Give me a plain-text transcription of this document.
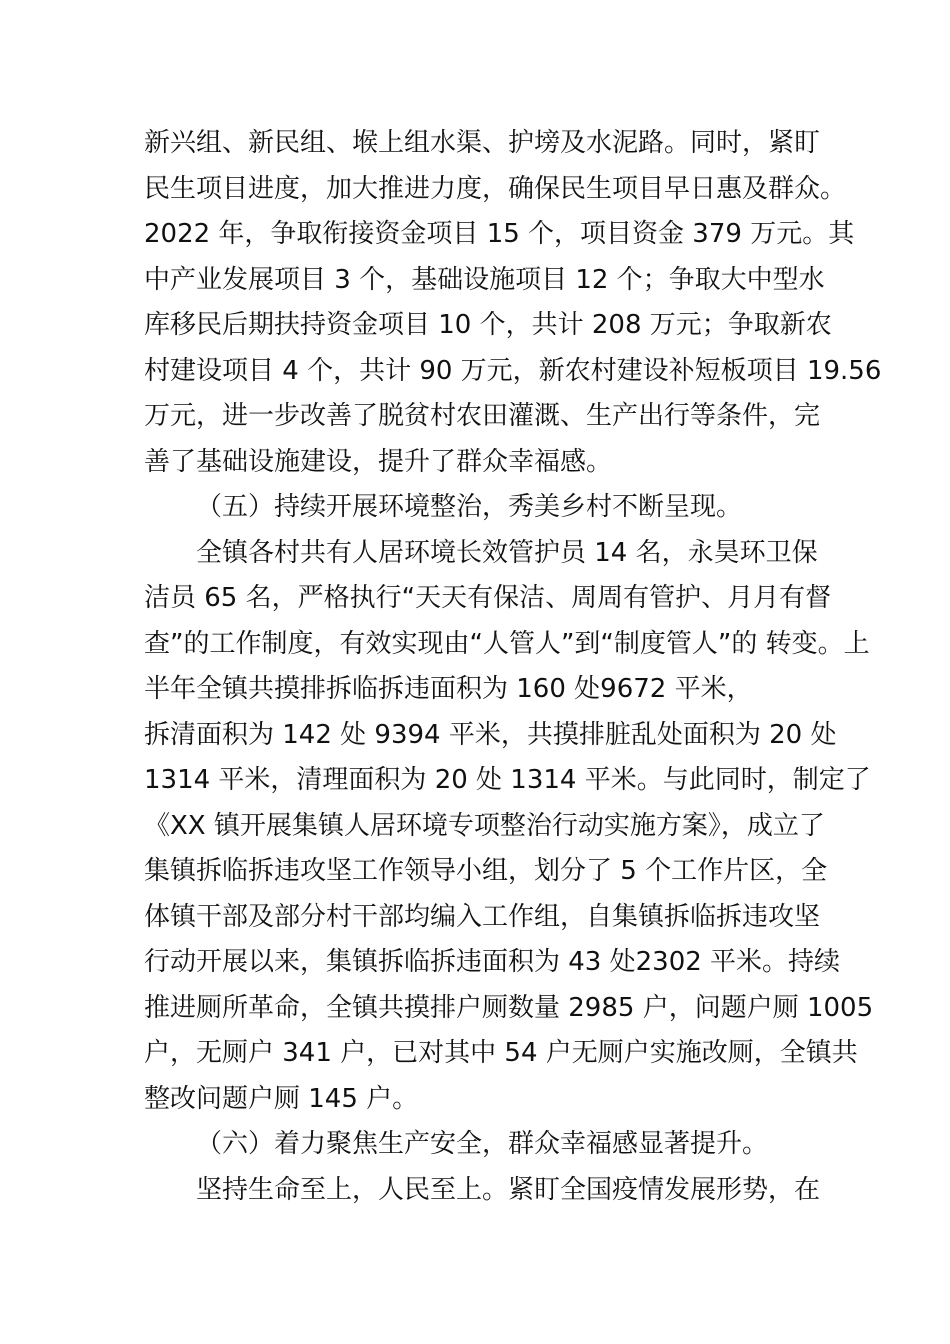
新兴组、新民组、堠上组水渠、护塝及水泥路。同时，紧盯
民生项目进度，加大推进力度，确保民生项目早日惠及群众。
2022 年，争取衔接资金项目 15 个，项目资金 379 万元。其
中产业发展项目 3 个，基础设施项目 12 个；争取大中型水
库移民后期扶持资金项目 10 个，共计 208 万元；争取新农
村建设项目 4 个，共计 90 万元，新农村建设补短板项目 19.56
万元，进一步改善了脱贫村农田灌溉、生产出行等条件，完
善了基础设施建设，提升了群众幸福感。
（五）持续开展环境整治，秀美乡村不断呈现。
全镇各村共有人居环境长效管护员 14 名，永昊环卫保
洁员 65 名，严格执行“天天有保洁、周周有管护、月月有督
查”的工作制度，有效实现由“人管人”到“制度管人”的 转变。上
半年全镇共摸排拆临拆违面积为 160 处9672 平米，
拆清面积为 142 处 9394 平米，共摸排脏乱处面积为 20 处
1314 平米，清理面积为 20 处 1314 平米。与此同时，制定了
《XX 镇开展集镇人居环境专项整治行动实施方案》，成立了
集镇拆临拆违攻坚工作领导小组，划分了 5 个工作片区，全
体镇干部及部分村干部均编入工作组，自集镇拆临拆违攻坚
行动开展以来，集镇拆临拆违面积为 43 处2302 平米。持续
推进厕所革命，全镇共摸排户厕数量 2985 户，问题户厕 1005
户，无厕户 341 户，已对其中 54 户无厕户实施改厕，全镇共
整改问题户厕 145 户。
（六）着力聚焦生产安全，群众幸福感显著提升。
坚持生命至上，人民至上。紧盯全国疫情发展形势，在
